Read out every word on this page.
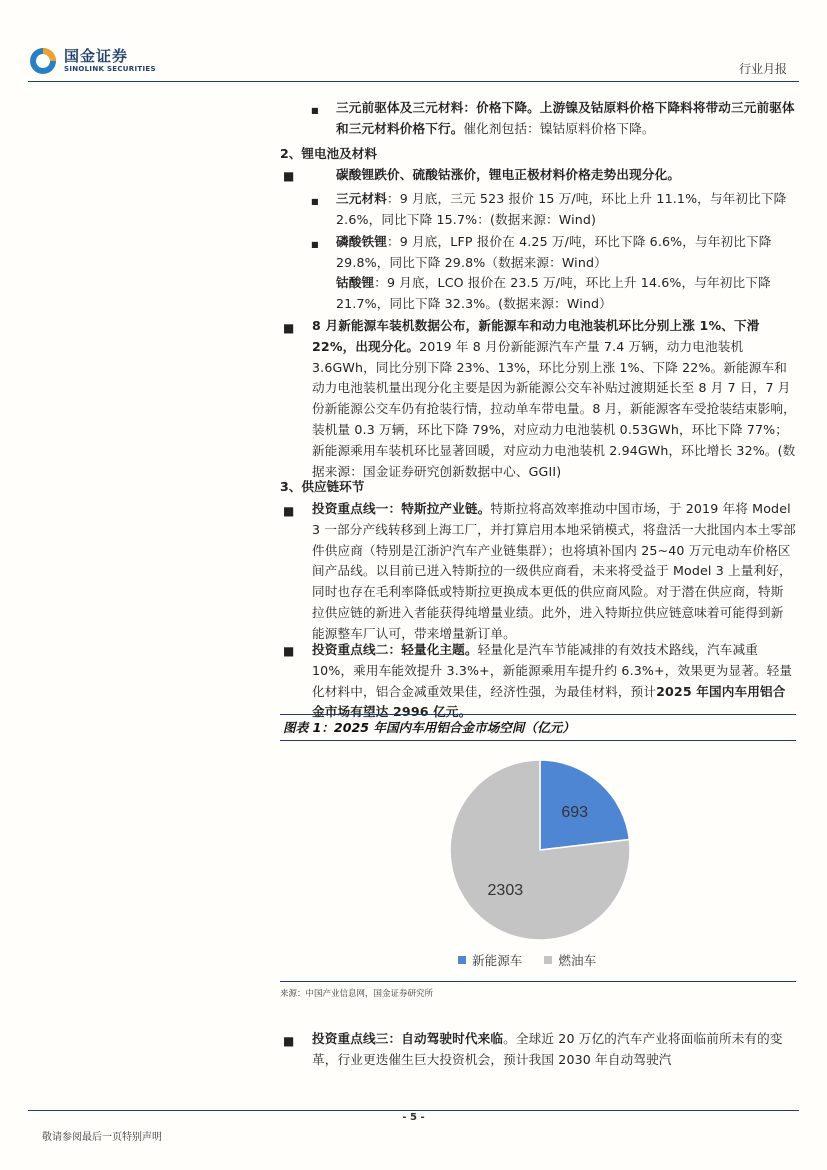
国金证券
SINOLINK SECURITIES	行业月报
■ 三元前驱体及三元材料：价格下降。上游镍及钴原料价格下降料将带动三元前驱体和三元材料价格下行。催化剂包括：镍钴原料价格下降。
2、锂电池及材料
■	碳酸锂跌价、硫酸钴涨价，锂电正极材料价格走势出现分化。
■ 三元材料：9 月底，三元 523 报价 15 万/吨，环比上升 11.1%，与年初比下降 2.6%，同比下降 15.7%：(数据来源：Wind)
■ 磷酸铁锂：9 月底，LFP 报价在 4.25 万/吨，环比下降 6.6%，与年初比下降 29.8%，同比下降 29.8%（数据来源：Wind）
钴酸锂：9 月底，LCO 报价在 23.5 万/吨，环比上升 14.6%，与年初比下降 21.7%，同比下降 32.3%。(数据来源：Wind）
■ 8 月新能源车装机数据公布，新能源车和动力电池装机环比分别上涨 1%、下滑 22%，出现分化。2019 年 8 月份新能源汽车产量 7.4 万辆，动力电池装机 3.6GWh，同比分别下降 23%、13%，环比分别上涨 1%、下降 22%。新能源车和动力电池装机量出现分化主要是因为新能源公交车补贴过渡期延长至 8 月 7 日，7 月份新能源公交车仍有抢装行情，拉动单车带电量。8 月，新能源客车受抢装结束影响，装机量 0.3 万辆，环比下降 79%，对应动力电池装机 0.53GWh，环比下降 77%；新能源乘用车装机环比显著回暖，对应动力电池装机 2.94GWh，环比增长 32%。(数据来源：国金证券研究创新数据中心、GGII)
3、供应链环节
■ 投资重点线一：特斯拉产业链。特斯拉将高效率推动中国市场，于 2019 年将 Model 3 一部分产线转移到上海工厂，并打算启用本地采销模式，将盘活一大批国内本土零部件供应商（特别是江浙沪汽车产业链集群）；也将填补国内 25~40 万元电动车价格区间产品线。以目前已进入特斯拉的一级供应商看，未来将受益于 Model 3 上量利好，同时也存在毛利率降低或特斯拉更换成本更低的供应商风险。对于潜在供应商，特斯拉供应链的新进入者能获得纯增量业绩。此外，进入特斯拉供应链意味着可能得到新能源整车厂认可，带来增量新订单。
■ 投资重点线二：轻量化主题。轻量化是汽车节能减排的有效技术路线，汽车减重 10%，乘用车能效提升 3.3%+，新能源乘用车提升约 6.3%+，效果更为显著。轻量化材料中，铝合金减重效果佳，经济性强，为最佳材料，预计2025 年国内车用铝合金市场有望达 2996 亿元。
图表 1：2025 年国内车用铝合金市场空间（亿元）
693
2303
新能源车	燃油车
来源：中国产业信息网，国金证券研究所
■ 投资重点线三：自动驾驶时代来临。全球近 20 万亿的汽车产业将面临前所未有的变革，行业更迭催生巨大投资机会，预计我国 2030 年自动驾驶汽
- 5 -
敬请参阅最后一页特别声明
